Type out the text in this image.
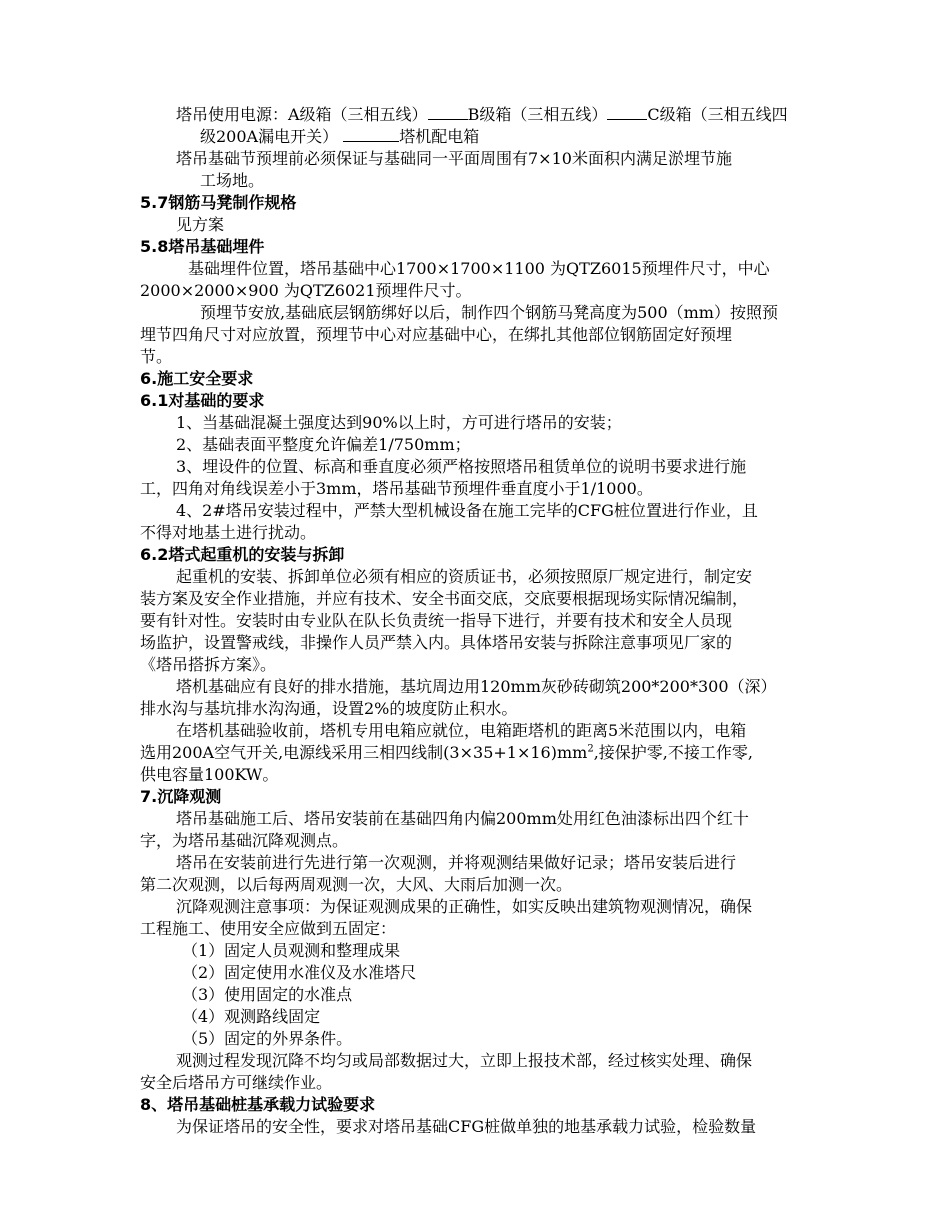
塔吊使用电源：A级箱（三相五线）	B级箱（三相五线）	C级箱（三相五线四
级200A漏电开关）	塔机配电箱
塔吊基础节预埋前必须保证与基础同一平面周围有7×10米面积内满足淤埋节施
工场地。
5.7钢筋马凳制作规格
见方案
5.8塔吊基础埋件
基础埋件位置，塔吊基础中心1700×1700×1100 为QTZ6015预埋件尺寸，中心
2000×2000×900 为QTZ6021预埋件尺寸。
预埋节安放,基础底层钢筋绑好以后，制作四个钢筋马凳高度为500（mm）按照预
埋节四角尺寸对应放置，预埋节中心对应基础中心，在绑扎其他部位钢筋固定好预埋
节。
6.施工安全要求
6.1对基础的要求
1、当基础混凝土强度达到90%以上时，方可进行塔吊的安装；
2、基础表面平整度允许偏差1/750mm；
3、埋设件的位置、标高和垂直度必须严格按照塔吊租赁单位的说明书要求进行施
工，四角对角线误差小于3mm，塔吊基础节预埋件垂直度小于1/1000。
4、2#塔吊安装过程中，严禁大型机械设备在施工完毕的CFG桩位置进行作业，且
不得对地基土进行扰动。
6.2塔式起重机的安装与拆卸
起重机的安装、拆卸单位必须有相应的资质证书，必须按照原厂规定进行，制定安
装方案及安全作业措施，并应有技术、安全书面交底，交底要根据现场实际情况编制，
要有针对性。安装时由专业队在队长负责统一指导下进行，并要有技术和安全人员现
场监护，设置警戒线，非操作人员严禁入内。具体塔吊安装与拆除注意事项见厂家的
《塔吊搭拆方案》。
塔机基础应有良好的排水措施，基坑周边用120mm灰砂砖砌筑200*200*300（深）
排水沟与基坑排水沟沟通，设置2%的坡度防止积水。
在塔机基础验收前，塔机专用电箱应就位，电箱距塔机的距离5米范围以内，电箱
选用200A空气开关,电源线采用三相四线制$(3\times 35+1\times 16)mm^2$,接保护零,不接工作零,
供电容量100KW。
7.沉降观测
塔吊基础施工后、塔吊安装前在基础四角内偏200mm处用红色油漆标出四个红十
字，为塔吊基础沉降观测点。
塔吊在安装前进行先进行第一次观测，并将观测结果做好记录；塔吊安装后进行
第二次观测，以后每两周观测一次，大风、大雨后加测一次。
沉降观测注意事项：为保证观测成果的正确性，如实反映出建筑物观测情况，确保
工程施工、使用安全应做到五固定：
（1）固定人员观测和整理成果
（2）固定使用水准仪及水准塔尺
（3）使用固定的水准点
（4）观测路线固定
（5）固定的外界条件。
观测过程发现沉降不均匀或局部数据过大，立即上报技术部，经过核实处理、确保
安全后塔吊方可继续作业。
8、塔吊基础桩基承载力试验要求
为保证塔吊的安全性，要求对塔吊基础CFG桩做单独的地基承载力试验，检验数量
